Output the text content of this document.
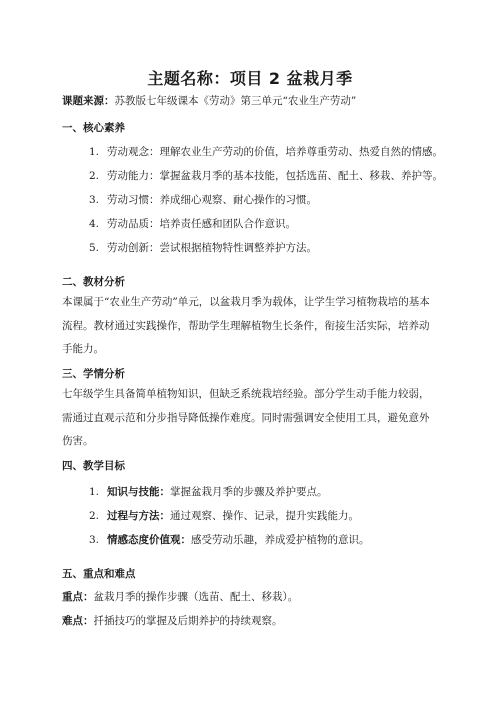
主题名称：项目 2 盆栽月季
课题来源：苏教版七年级课本《劳动》第三单元“农业生产劳动”
一、核心素养
1. 劳动观念：理解农业生产劳动的价值，培养尊重劳动、热爱自然的情感。
2. 劳动能力：掌握盆栽月季的基本技能，包括选苗、配土、移栽、养护等。
3. 劳动习惯：养成细心观察、耐心操作的习惯。
4. 劳动品质：培养责任感和团队合作意识。
5. 劳动创新：尝试根据植物特性调整养护方法。
二、教材分析
本课属于“农业生产劳动”单元，以盆栽月季为载体，让学生学习植物栽培的基本
流程。教材通过实践操作，帮助学生理解植物生长条件，衔接生活实际，培养动
手能力。
三、学情分析
七年级学生具备简单植物知识，但缺乏系统栽培经验。部分学生动手能力较弱，
需通过直观示范和分步指导降低操作难度。同时需强调安全使用工具，避免意外
伤害。
四、教学目标
1. 知识与技能：掌握盆栽月季的步骤及养护要点。
2. 过程与方法：通过观察、操作、记录，提升实践能力。
3. 情感态度价值观：感受劳动乐趣，养成爱护植物的意识。
五、重点和难点
重点：盆栽月季的操作步骤（选苗、配土、移栽）。
难点：扦插技巧的掌握及后期养护的持续观察。
